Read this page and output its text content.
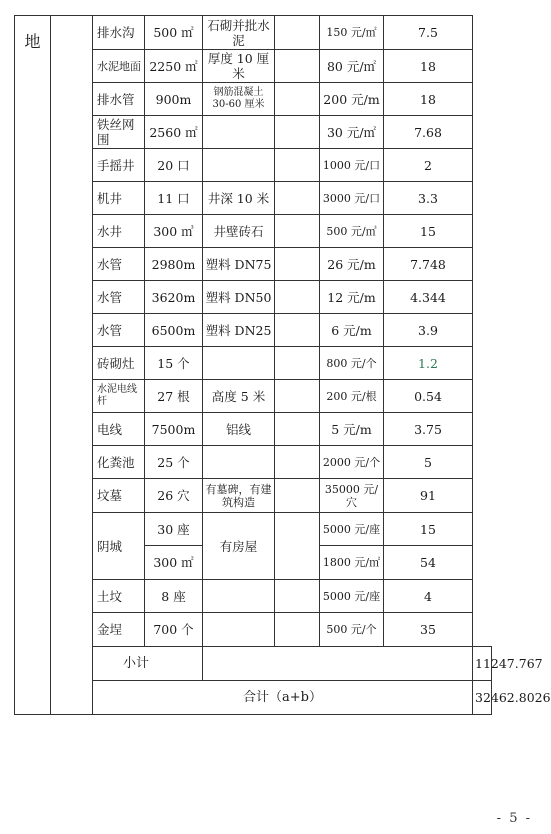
地		排水沟	500 ㎡	石砌并批水泥		150 元/㎡	7.5	
		水泥地面	2250 ㎡	厚度 10 厘米		80 元/㎡	18	
		排水管	900m	钢筋混凝土 30-60 厘米		200 元/m	18	
		铁丝网围	2560 ㎡			30 元/㎡	7.68	
		手摇井	20 口			1000 元/口	2	
		机井	11 口	井深 10 米		3000 元/口	3.3	
		水井	300 ㎥	井壁砖石		500 元/㎥	15	
		水管	2980m	塑料 DN75		26 元/m	7.748	
		水管	3620m	塑料 DN50		12 元/m	4.344	
		水管	6500m	塑料 DN25		6 元/m	3.9	
		砖砌灶	15 个			800 元/个	1.2	
		水泥电线杆	27 根	高度 5 米		200 元/根	0.54	
		电线	7500m	铝线		5 元/m	3.75	
		化粪池	25 个			2000 元/个	5	
		坟墓	26 穴	有墓碑，有建筑构造		35000 元/穴	91	
		阴城	30 座	有房屋		5000 元/座	15	
			300 ㎡			1800 元/㎡	54	
		土坟	8 座			5000 元/座	4	
		金埕	700 个			500 元/个	35	
		小计						11247.767
		合计（a+b）						32462.8026
- 5 -
